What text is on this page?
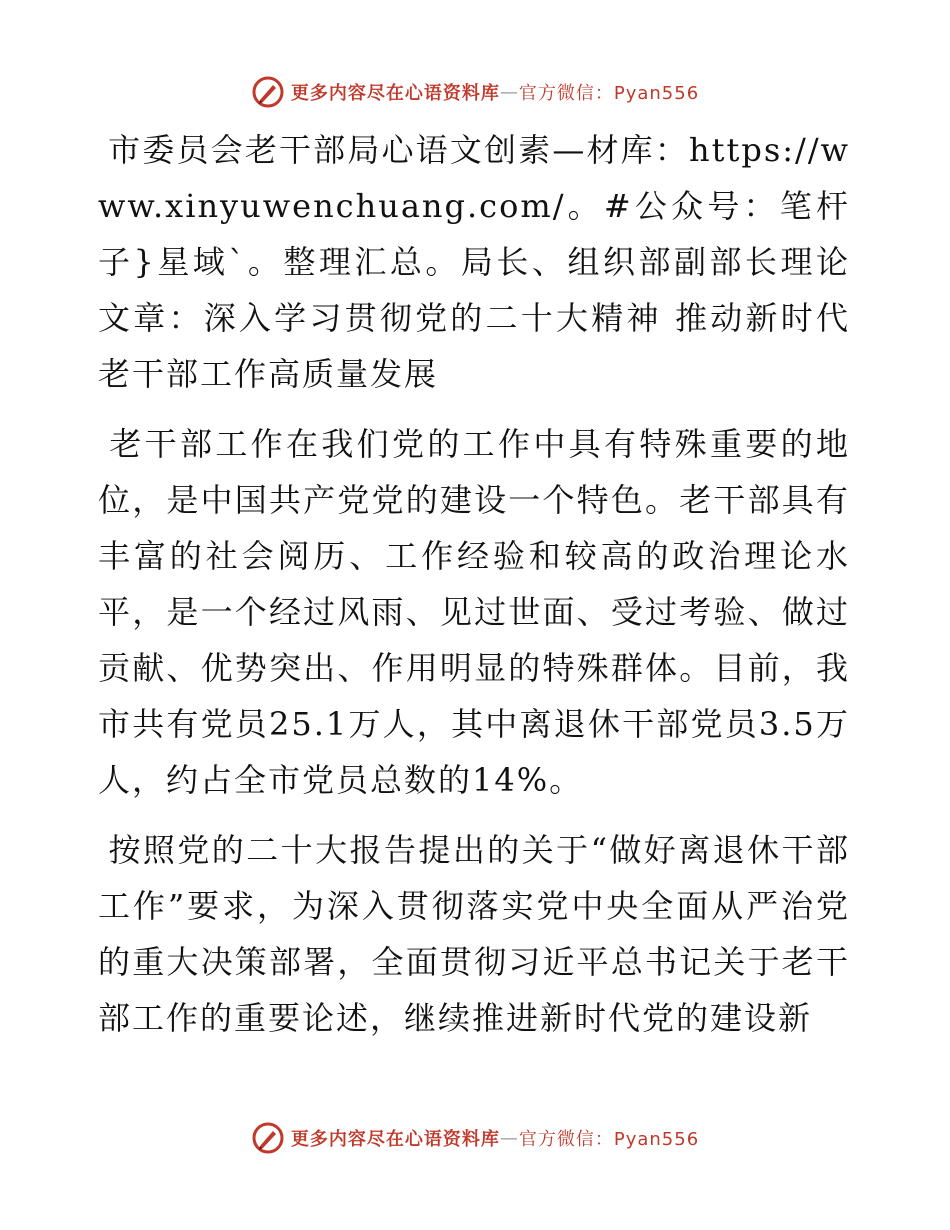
更多内容尽在心语资料库 — 官方微信：Pyan556

市委员会老干部局心语文创素—材库：https://www.xinyuwenchuang.com/。#公众号：笔杆子}星域`。整理汇总。局长、组织部副部长理论文章：深入学习贯彻党的二十大精神 推动新时代老干部工作高质量发展

老干部工作在我们党的工作中具有特殊重要的地位，是中国共产党党的建设一个特色。老干部具有丰富的社会阅历、工作经验和较高的政治理论水平，是一个经过风雨、见过世面、受过考验、做过贡献、优势突出、作用明显的特殊群体。目前，我市共有党员25.1万人，其中离退休干部党员3.5万人，约占全市党员总数的14%。

按照党的二十大报告提出的关于“做好离退休干部工作”要求，为深入贯彻落实党中央全面从严治党的重大决策部署，全面贯彻习近平总书记关于老干部工作的重要论述，继续推进新时代党的建设新

更多内容尽在心语资料库 — 官方微信：Pyan556
